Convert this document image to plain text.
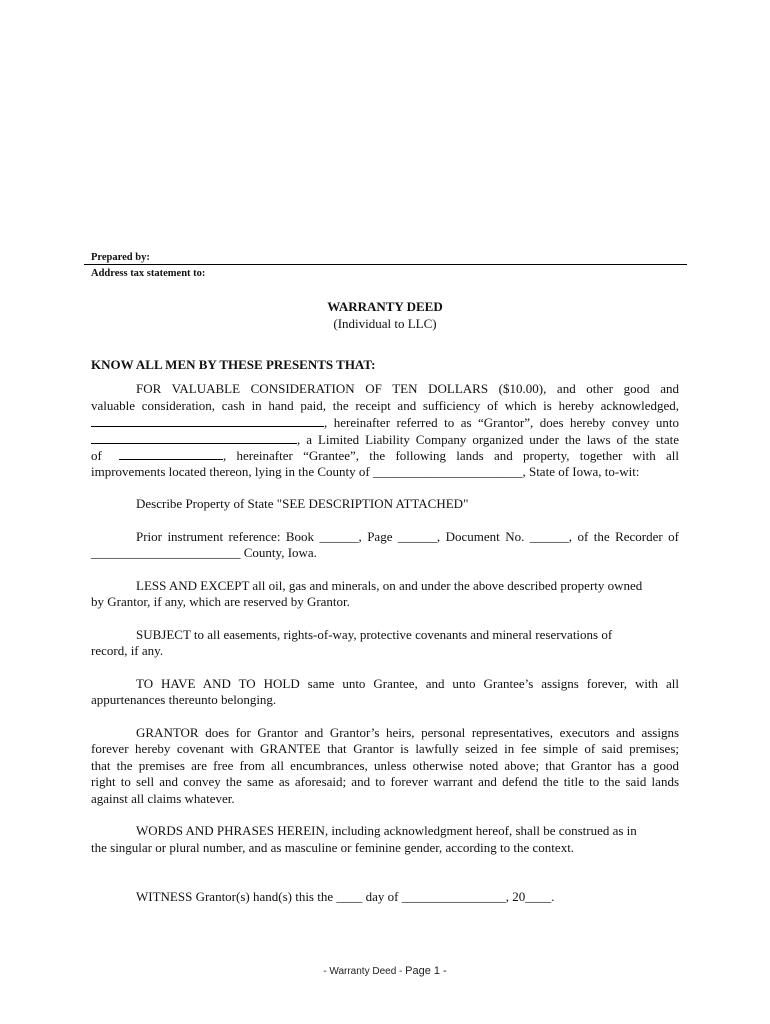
Prepared by:
Address tax statement to:
WARRANTY DEED
(Individual to LLC)
KNOW ALL MEN BY THESE PRESENTS THAT:
FOR VALUABLE CONSIDERATION OF TEN DOLLARS ($10.00), and other good and
valuable consideration, cash in hand paid, the receipt and sufficiency of which is hereby acknowledged,
, hereinafter referred to as “Grantor”, does hereby convey unto
, a Limited Liability Company organized under the laws of the state
of	, hereinafter “Grantee”, the following lands and property, together with all
improvements located thereon, lying in the County of _______________________, State of Iowa, to-wit:
Describe Property of State "SEE DESCRIPTION ATTACHED"
Prior instrument reference: Book ______, Page ______, Document No. ______, of the Recorder of
_______________________ County, Iowa.
LESS AND EXCEPT all oil, gas and minerals, on and under the above described property owned
by Grantor, if any, which are reserved by Grantor.
SUBJECT to all easements, rights-of-way, protective covenants and mineral reservations of
record, if any.
TO HAVE AND TO HOLD same unto Grantee, and unto Grantee’s assigns forever, with all
appurtenances thereunto belonging.
GRANTOR does for Grantor and Grantor’s heirs, personal representatives, executors and assigns
forever hereby covenant with GRANTEE that Grantor is lawfully seized in fee simple of said premises;
that the premises are free from all encumbrances, unless otherwise noted above; that Grantor has a good
right to sell and convey the same as aforesaid; and to forever warrant and defend the title to the said lands
against all claims whatever.
WORDS AND PHRASES HEREIN, including acknowledgment hereof, shall be construed as in
the singular or plural number, and as masculine or feminine gender, according to the context.
WITNESS Grantor(s) hand(s) this the ____ day of ________________, 20____.
- Warranty Deed - Page 1 -
